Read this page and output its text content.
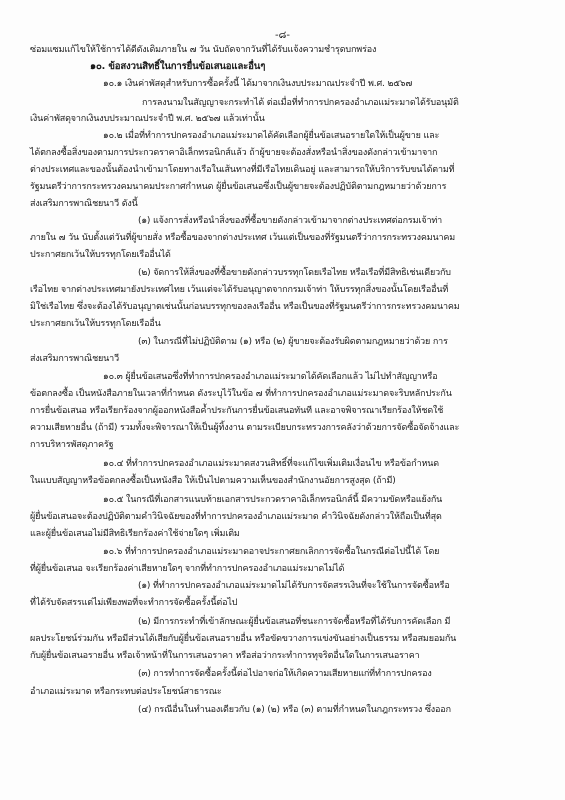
-๘-
ซ่อมแซมแก้ไขให้ใช้การได้ดีดังเดิมภายใน ๗ วัน นับถัดจากวันที่ได้รับแจ้งความชำรุดบกพร่อง
๑๐. ข้อสงวนสิทธิ์ในการยื่นข้อเสนอและอื่นๆ
๑๐.๑ เงินค่าพัสดุสำหรับการซื้อครั้งนี้ ได้มาจากเงินงบประมาณประจำปี พ.ศ. ๒๕๖๗
การลงนามในสัญญาจะกระทำได้ ต่อเมื่อที่ทำการปกครองอำเภอแม่ระมาดได้รับอนุมัติ
เงินค่าพัสดุจากเงินงบประมาณประจำปี พ.ศ. ๒๕๖๗ แล้วเท่านั้น
๑๐.๒ เมื่อที่ทำการปกครองอำเภอแม่ระมาดได้คัดเลือกผู้ยื่นข้อเสนอรายใดให้เป็นผู้ขาย และ
ได้ตกลงซื้อสิ่งของตามการประกวดราคาอิเล็กทรอนิกส์แล้ว ถ้าผู้ขายจะต้องสั่งหรือนำสิ่งของดังกล่าวเข้ามาจาก
ต่างประเทศและของนั้นต้องนำเข้ามาโดยทางเรือในเส้นทางที่มีเรือไทยเดินอยู่ และสามารถให้บริการรับขนได้ตามที่
รัฐมนตรีว่าการกระทรวงคมนาคมประกาศกำหนด ผู้ยื่นข้อเสนอซึ่งเป็นผู้ขายจะต้องปฏิบัติตามกฎหมายว่าด้วยการ
ส่งเสริมการพาณิชยนาวี ดังนี้
(๑) แจ้งการสั่งหรือนำสิ่งของที่ซื้อขายดังกล่าวเข้ามาจากต่างประเทศต่อกรมเจ้าท่า
ภายใน ๗ วัน นับตั้งแต่วันที่ผู้ขายสั่ง หรือซื้อของจากต่างประเทศ เว้นแต่เป็นของที่รัฐมนตรีว่าการกระทรวงคมนาคม
ประกาศยกเว้นให้บรรทุกโดยเรืออื่นได้
(๒) จัดการให้สิ่งของที่ซื้อขายดังกล่าวบรรทุกโดยเรือไทย หรือเรือที่มีสิทธิเช่นเดียวกับ
เรือไทย จากต่างประเทศมายังประเทศไทย เว้นแต่จะได้รับอนุญาตจากกรมเจ้าท่า ให้บรรทุกสิ่งของนั้นโดยเรืออื่นที่
มิใช่เรือไทย ซึ่งจะต้องได้รับอนุญาตเช่นนั้นก่อนบรรทุกของลงเรืออื่น หรือเป็นของที่รัฐมนตรีว่าการกระทรวงคมนาคม
ประกาศยกเว้นให้บรรทุกโดยเรืออื่น
(๓) ในกรณีที่ไม่ปฏิบัติตาม (๑) หรือ (๒) ผู้ขายจะต้องรับผิดตามกฎหมายว่าด้วย การ
ส่งเสริมการพาณิชยนาวี
๑๐.๓ ผู้ยื่นข้อเสนอซึ่งที่ทำการปกครองอำเภอแม่ระมาดได้คัดเลือกแล้ว ไม่ไปทำสัญญาหรือ
ข้อตกลงซื้อ เป็นหนังสือภายในเวลาที่กำหนด ดังระบุไว้ในข้อ ๗ ที่ทำการปกครองอำเภอแม่ระมาดจะริบหลักประกัน
การยื่นข้อเสนอ หรือเรียกร้องจากผู้ออกหนังสือค้ำประกันการยื่นข้อเสนอทันที และอาจพิจารณาเรียกร้องให้ชดใช้
ความเสียหายอื่น (ถ้ามี) รวมทั้งจะพิจารณาให้เป็นผู้ทิ้งงาน ตามระเบียบกระทรวงการคลังว่าด้วยการจัดซื้อจัดจ้างและ
การบริหารพัสดุภาครัฐ
๑๐.๔ ที่ทำการปกครองอำเภอแม่ระมาดสงวนสิทธิ์ที่จะแก้ไขเพิ่มเติมเงื่อนไข หรือข้อกำหนด
ในแบบสัญญาหรือข้อตกลงซื้อเป็นหนังสือ ให้เป็นไปตามความเห็นของสำนักงานอัยการสูงสุด (ถ้ามี)
๑๐.๕ ในกรณีที่เอกสารแนบท้ายเอกสารประกวดราคาอิเล็กทรอนิกส์นี้ มีความขัดหรือแย้งกัน
ผู้ยื่นข้อเสนอจะต้องปฏิบัติตามคำวินิจฉัยของที่ทำการปกครองอำเภอแม่ระมาด คำวินิจฉัยดังกล่าวให้ถือเป็นที่สุด
และผู้ยื่นข้อเสนอไม่มีสิทธิเรียกร้องค่าใช้จ่ายใดๆ เพิ่มเติม
๑๐.๖ ที่ทำการปกครองอำเภอแม่ระมาดอาจประกาศยกเลิกการจัดซื้อในกรณีต่อไปนี้ได้ โดย
ที่ผู้ยื่นข้อเสนอ จะเรียกร้องค่าเสียหายใดๆ จากที่ทำการปกครองอำเภอแม่ระมาดไม่ได้
(๑) ที่ทำการปกครองอำเภอแม่ระมาดไม่ได้รับการจัดสรรเงินที่จะใช้ในการจัดซื้อหรือ
ที่ได้รับจัดสรรแต่ไม่เพียงพอที่จะทำการจัดซื้อครั้งนี้ต่อไป
(๒) มีการกระทำที่เข้าลักษณะผู้ยื่นข้อเสนอที่ชนะการจัดซื้อหรือที่ได้รับการคัดเลือก มี
ผลประโยชน์ร่วมกัน หรือมีส่วนได้เสียกับผู้ยื่นข้อเสนอรายอื่น หรือขัดขวางการแข่งขันอย่างเป็นธรรม หรือสมยอมกัน
กับผู้ยื่นข้อเสนอรายอื่น หรือเจ้าหน้าที่ในการเสนอราคา หรือส่อว่ากระทำการทุจริตอื่นใดในการเสนอราคา
(๓) การทำการจัดซื้อครั้งนี้ต่อไปอาจก่อให้เกิดความเสียหายแก่ที่ทำการปกครอง
อำเภอแม่ระมาด หรือกระทบต่อประโยชน์สาธารณะ
(๔) กรณีอื่นในทำนองเดียวกับ (๑) (๒) หรือ (๓) ตามที่กำหนดในกฎกระทรวง ซึ่งออก
